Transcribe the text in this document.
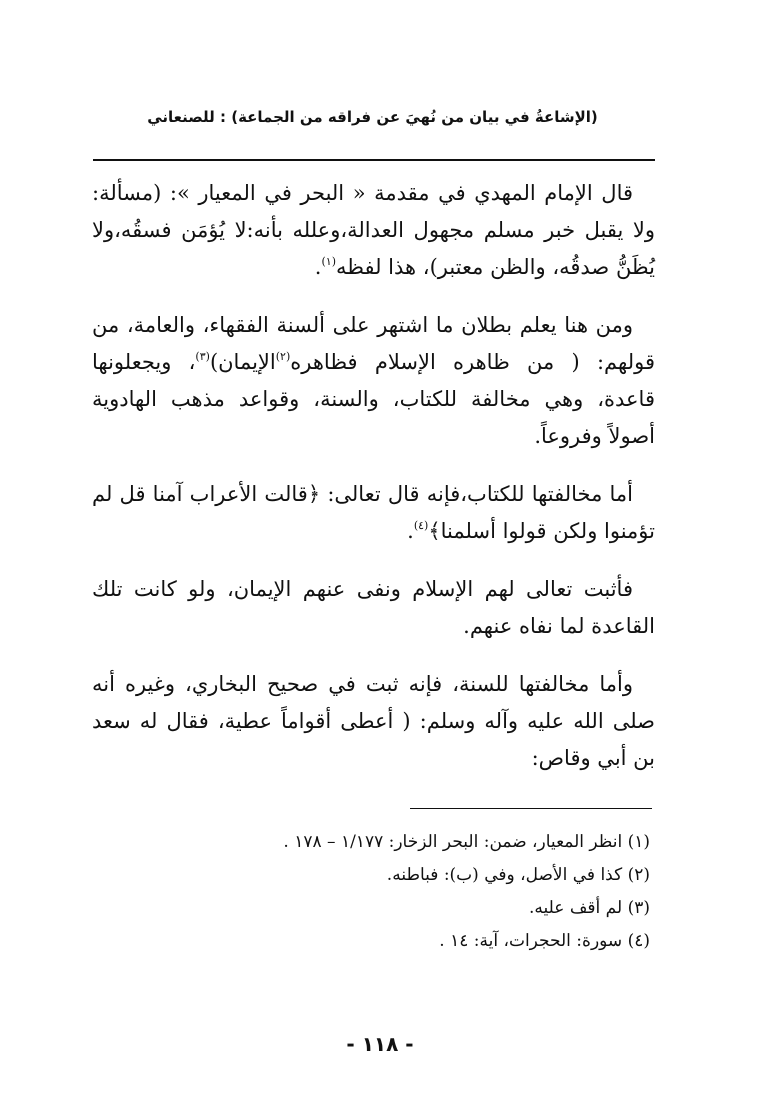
(الإشاعةُ في بيان من نُهيَ عن فراقه من الجماعة) : للصنعاني

قال الإمام المهدي في مقدمة « البحر في المعيار »: (مسألة: ولا يقبل خبر مسلم مجهول العدالة،وعلله بأنه:لا يُؤمَن فسقُه،ولا يُظَنُّ صدقُه، والظن معتبر)، هذا لفظه$^{(١)}$.

ومن هنا يعلم بطلان ما اشتهر على ألسنة الفقهاء، والعامة، من قولهم: ( من ظاهره الإسلام فظاهره$^{(٢)}$الإيمان)$^{(٣)}$، ويجعلونها قاعدة، وهي مخالفة للكتاب، والسنة، وقواعد مذهب الهادوية أصولاً وفروعاً.

أما مخالفتها للكتاب،فإنه قال تعالى: ﴿قالت الأعراب آمنا قل لم تؤمنوا ولكن قولوا أسلمنا﴾$^{(٤)}$.

فأثبت تعالى لهم الإسلام ونفى عنهم الإيمان، ولو كانت تلك القاعدة لما نفاه عنهم.

وأما مخالفتها للسنة، فإنه ثبت في صحيح البخاري، وغيره أنه صلى الله عليه وآله وسلم: ( أعطى أقواماً عطية، فقال له سعد بن أبي وقاص:

(١) انظر المعيار، ضمن: البحر الزخار: ١/١٧٧ – ١٧٨ .
(٢) كذا في الأصل، وفي (ب): فباطنه.
(٣) لم أقف عليه.
(٤) سورة: الحجرات، آية: ١٤ .
- ١١٨ -
